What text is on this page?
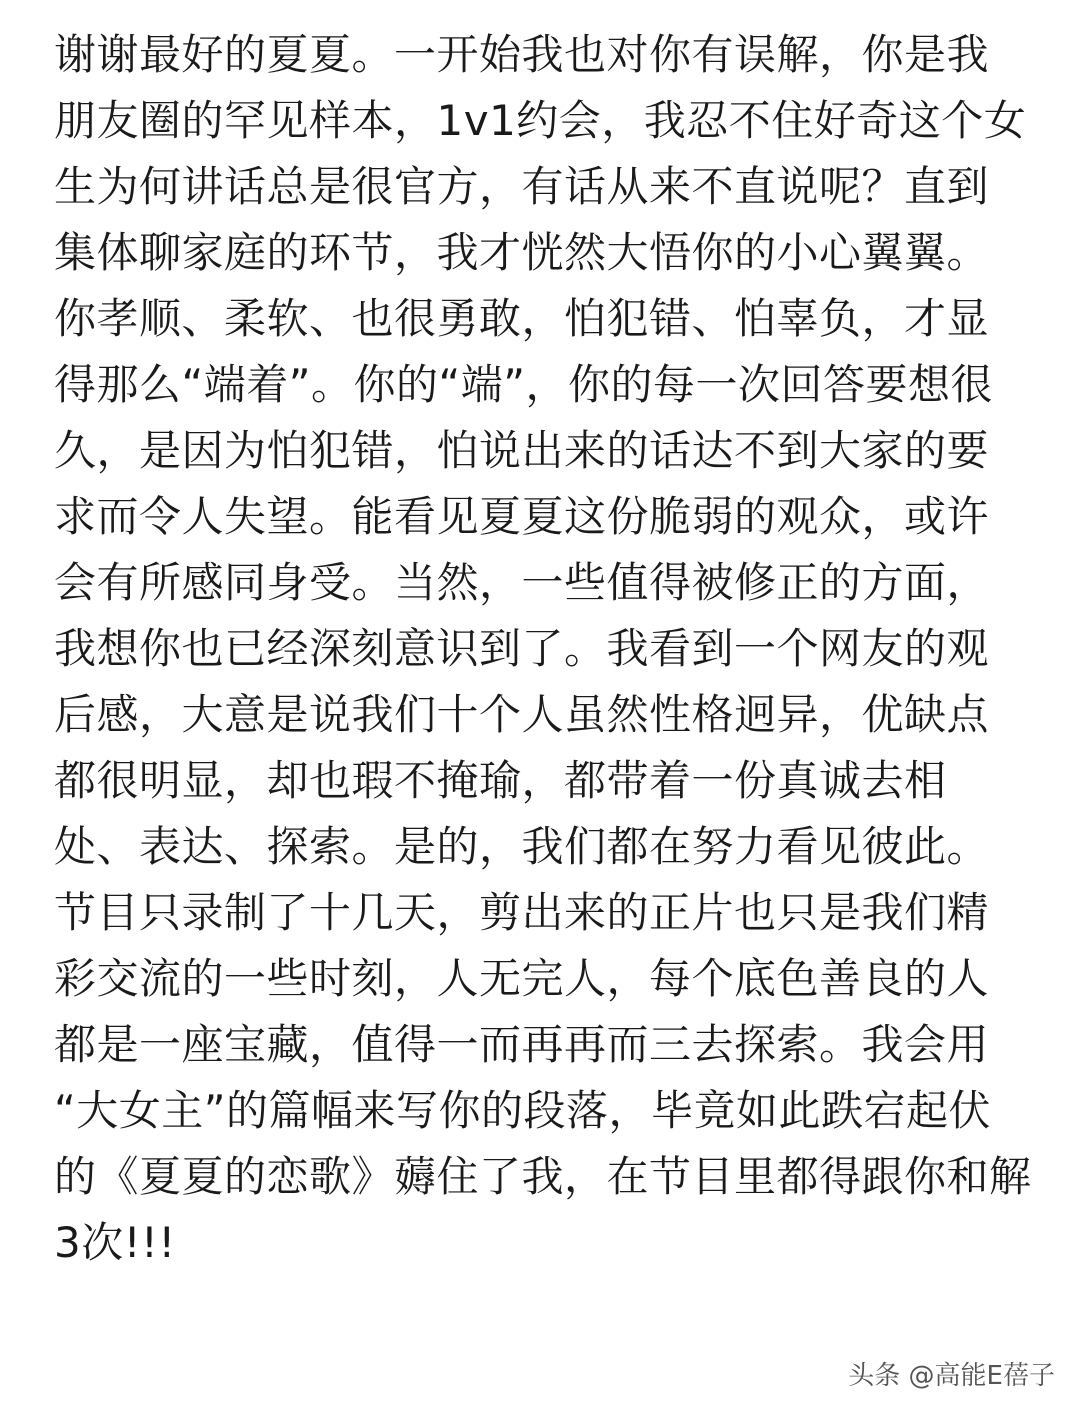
谢谢最好的夏夏。一开始我也对你有误解，你是我
朋友圈的罕见样本，1v1约会，我忍不住好奇这个女
生为何讲话总是很官方，有话从来不直说呢？直到
集体聊家庭的环节，我才恍然大悟你的小心翼翼。
你孝顺、柔软、也很勇敢，怕犯错、怕辜负，才显
得那么“端着”。你的“端”，你的每一次回答要想很
久，是因为怕犯错，怕说出来的话达不到大家的要
求而令人失望。能看见夏夏这份脆弱的观众，或许
会有所感同身受。当然，一些值得被修正的方面，
我想你也已经深刻意识到了。我看到一个网友的观
后感，大意是说我们十个人虽然性格迥异，优缺点
都很明显，却也瑕不掩瑜，都带着一份真诚去相
处、表达、探索。是的，我们都在努力看见彼此。
节目只录制了十几天，剪出来的正片也只是我们精
彩交流的一些时刻，人无完人，每个底色善良的人
都是一座宝藏，值得一而再再而三去探索。我会用
“大女主”的篇幅来写你的段落，毕竟如此跌宕起伏
的《夏夏的恋歌》薅住了我，在节目里都得跟你和解
3次!!!
头条 @高能E蓓子
